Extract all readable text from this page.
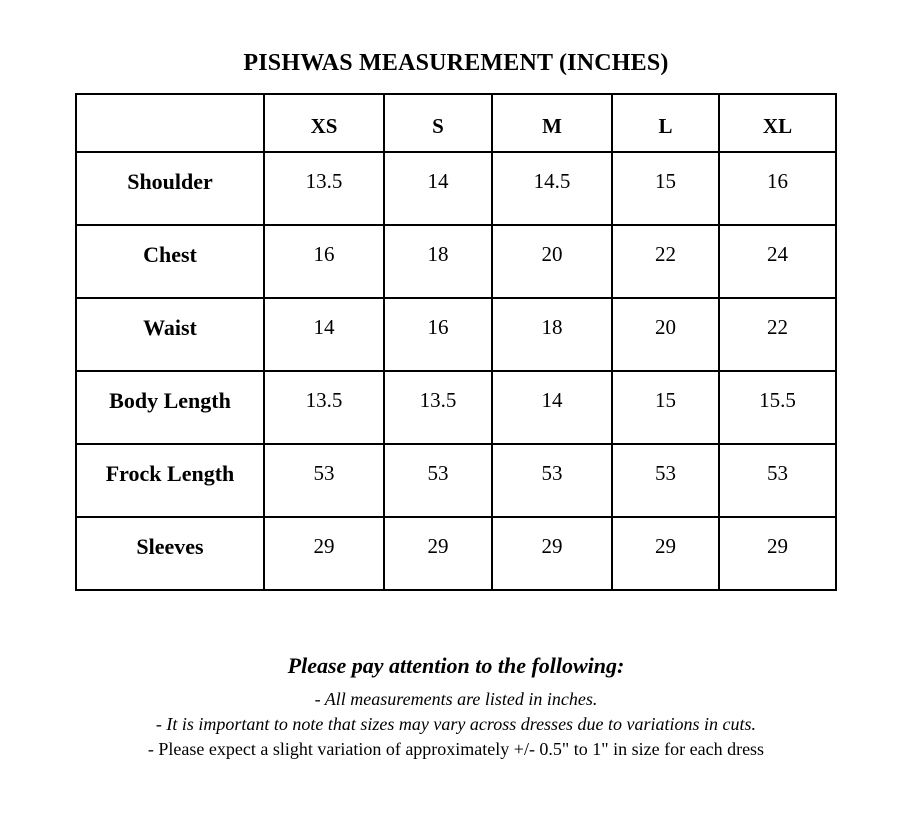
PISHWAS MEASUREMENT (INCHES)
	XS	S	M	L	XL
Shoulder	13.5	14	14.5	15	16
Chest	16	18	20	22	24
Waist	14	16	18	20	22
Body Length	13.5	13.5	14	15	15.5
Frock Length	53	53	53	53	53
Sleeves	29	29	29	29	29

Please pay attention to the following:

- All measurements are listed in inches.

- It is important to note that sizes may vary across dresses due to variations in cuts.

- Please expect a slight variation of approximately +/- 0.5" to 1" in size for each dress
